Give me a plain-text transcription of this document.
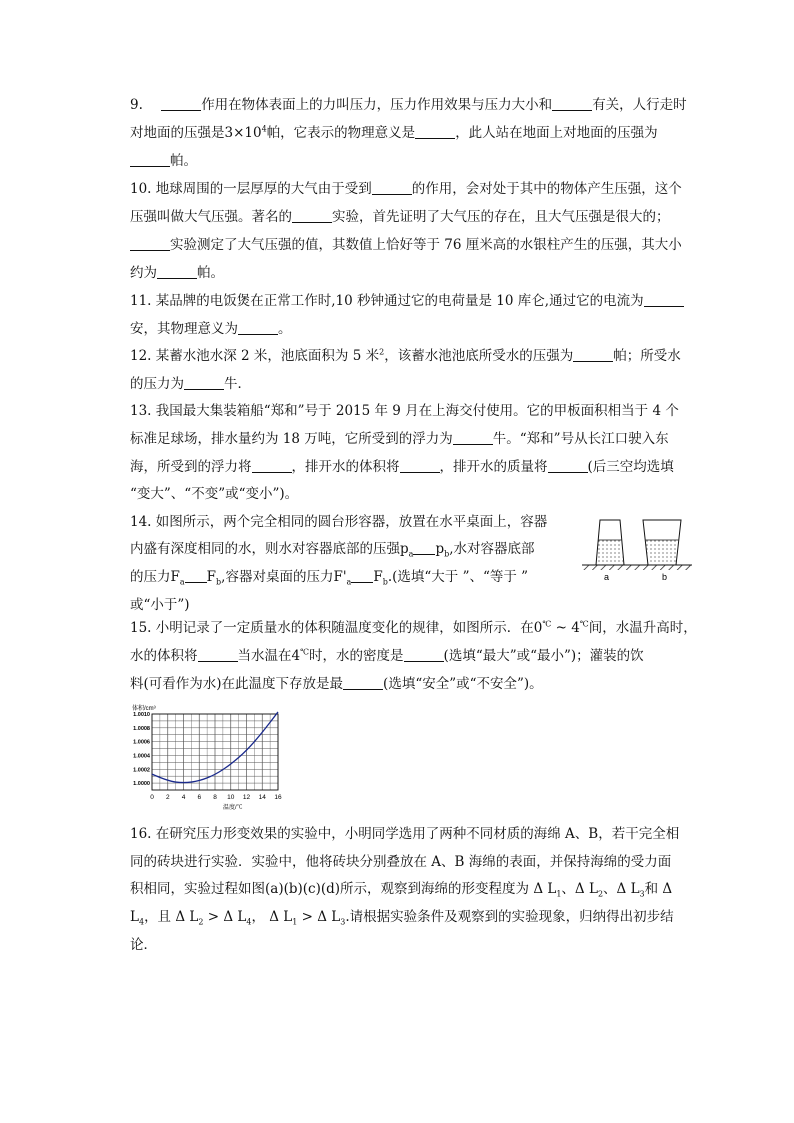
9.	作用在物体表面上的力叫压力，压力作用效果与压力大小和	有关，人行走时
对地面的压强是$3\times 10^4$帕，它表示的物理意义是	，此人站在地面上对地面的压强为
帕。
10. 地球周围的一层厚厚的大气由于受到	的作用，会对处于其中的物体产生压强，这个
压强叫做大气压强。著名的	实验，首先证明了大气压的存在，且大气压强是很大的；
实验测定了大气压强的值，其数值上恰好等于 76 厘米高的水银柱产生的压强，其大小
约为	帕。
11. 某品牌的电饭煲在正常工作时,10 秒钟通过它的电荷量是 10 库仑,通过它的电流为
安，其物理意义为	。
12. 某蓄水池水深 2 米，池底面积为 5 米$^2$，该蓄水池池底所受水的压强为	帕；所受水
的压力为	牛．
13. 我国最大集装箱船“郑和”号于 2015 年 9 月在上海交付使用。它的甲板面积相当于 4 个
标准足球场，排水量约为 18 万吨，它所受到的浮力为	牛。“郑和”号从长江口驶入东
海，所受到的浮力将	，排开水的体积将	，排开水的质量将	(后三空均选填
“变大”、“不变”或“变小”)。
14. 如图所示，两个完全相同的圆台形容器，放置在水平桌面上，容器
内盛有深度相同的水，则水对容器底部的压强$p_a$ $p_b$,水对容器底部
的压力$F_a$ $F_b$,容器对桌面的压力$F'_a$ $F_b$.(选填“大于 ”、“等于 ”
或“小于”)
a	b
15. 小明记录了一定质量水的体积随温度变化的规律，如图所示．在0℃ ~ 4℃间，水温升高时，
水的体积将	当水温在4℃时，水的密度是	(选填“最大”或“最小”)；灌装的饮
料(可看作为水)在此温度下存放是最	(选填“安全”或“不安全”)。
0 2 4 6 8 10 12 14 16
1.0000
1.0002
1.0004
1.0006
1.0008
1.0010
体积/cm³
温度/℃
16. 在研究压力形变效果的实验中，小明同学选用了两种不同材质的海绵 A、B，若干完全相
同的砖块进行实验．实验中，他将砖块分别叠放在 A、B 海绵的表面，并保持海绵的受力面
积相同，实验过程如图(a)(b)(c)(d)所示，观察到海绵的形变程度为 Δ $L_1$、Δ $L_2$、Δ $L_3$和 Δ
$L_4$，且 Δ $L_2 > \Delta$ $L_4$， Δ $L_1 > \Delta$ $L_3$.请根据实验条件及观察到的实验现象，归纳得出初步结
论．
